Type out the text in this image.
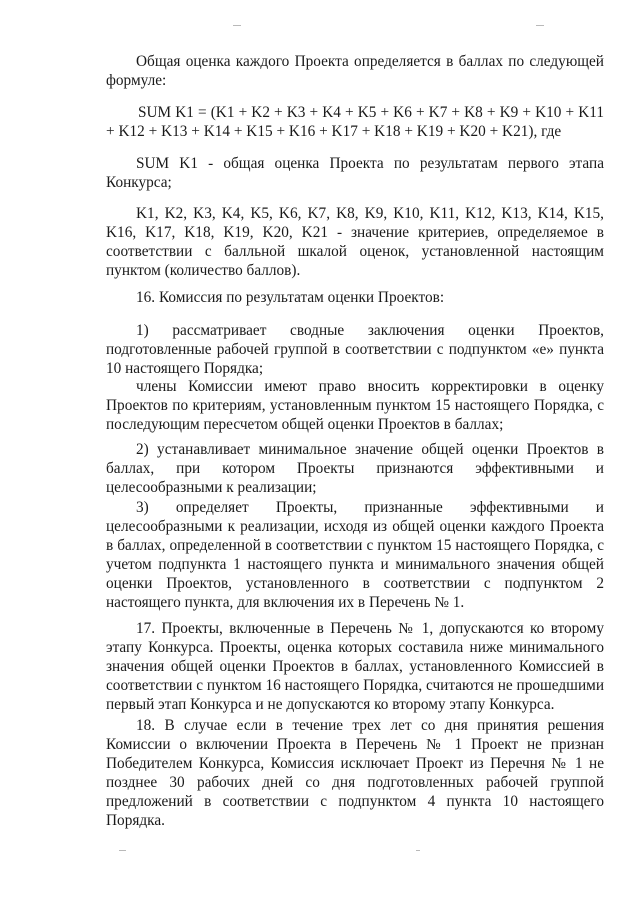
Общая оценка каждого Проекта определяется в баллах по следующей формуле:

SUM K1 = (K1 + K2 + K3 + K4 + K5 + K6 + K7 + K8 + K9 + K10 + K11 + K12 + K13 + K14 + K15 + K16 + K17 + K18 + K19 + K20 + K21), где

SUM K1 - общая оценка Проекта по результатам первого этапа Конкурса;

K1, K2, K3, K4, K5, K6, K7, K8, K9, K10, K11, K12, K13, K14, K15, K16, K17, K18, K19, K20, K21 - значение критериев, определяемое в соответствии с балльной шкалой оценок, установленной настоящим пунктом (количество баллов).

16. Комиссия по результатам оценки Проектов:

1) рассматривает сводные заключения оценки Проектов, подготовленные рабочей группой в соответствии с подпунктом «е» пункта 10 настоящего Порядка;

члены Комиссии имеют право вносить корректировки в оценку Проектов по критериям, установленным пунктом 15 настоящего Порядка, с последующим пересчетом общей оценки Проектов в баллах;

2) устанавливает минимальное значение общей оценки Проектов в баллах, при котором Проекты признаются эффективными и целесообразными к реализации;

3) определяет Проекты, признанные эффективными и целесообразными к реализации, исходя из общей оценки каждого Проекта в баллах, определенной в соответствии с пунктом 15 настоящего Порядка, с учетом подпункта 1 настоящего пункта и минимального значения общей оценки Проектов, установленного в соответствии с подпунктом 2 настоящего пункта, для включения их в Перечень № 1.

17. Проекты, включенные в Перечень № 1, допускаются ко второму этапу Конкурса. Проекты, оценка которых составила ниже минимального значения общей оценки Проектов в баллах, установленного Комиссией в соответствии с пунктом 16 настоящего Порядка, считаются не прошедшими первый этап Конкурса и не допускаются ко второму этапу Конкурса.

18. В случае если в течение трех лет со дня принятия решения Комиссии о включении Проекта в Перечень № 1 Проект не признан Победителем Конкурса, Комиссия исключает Проект из Перечня № 1 не позднее 30 рабочих дней со дня подготовленных рабочей группой предложений в соответствии с подпунктом 4 пункта 10 настоящего Порядка.
